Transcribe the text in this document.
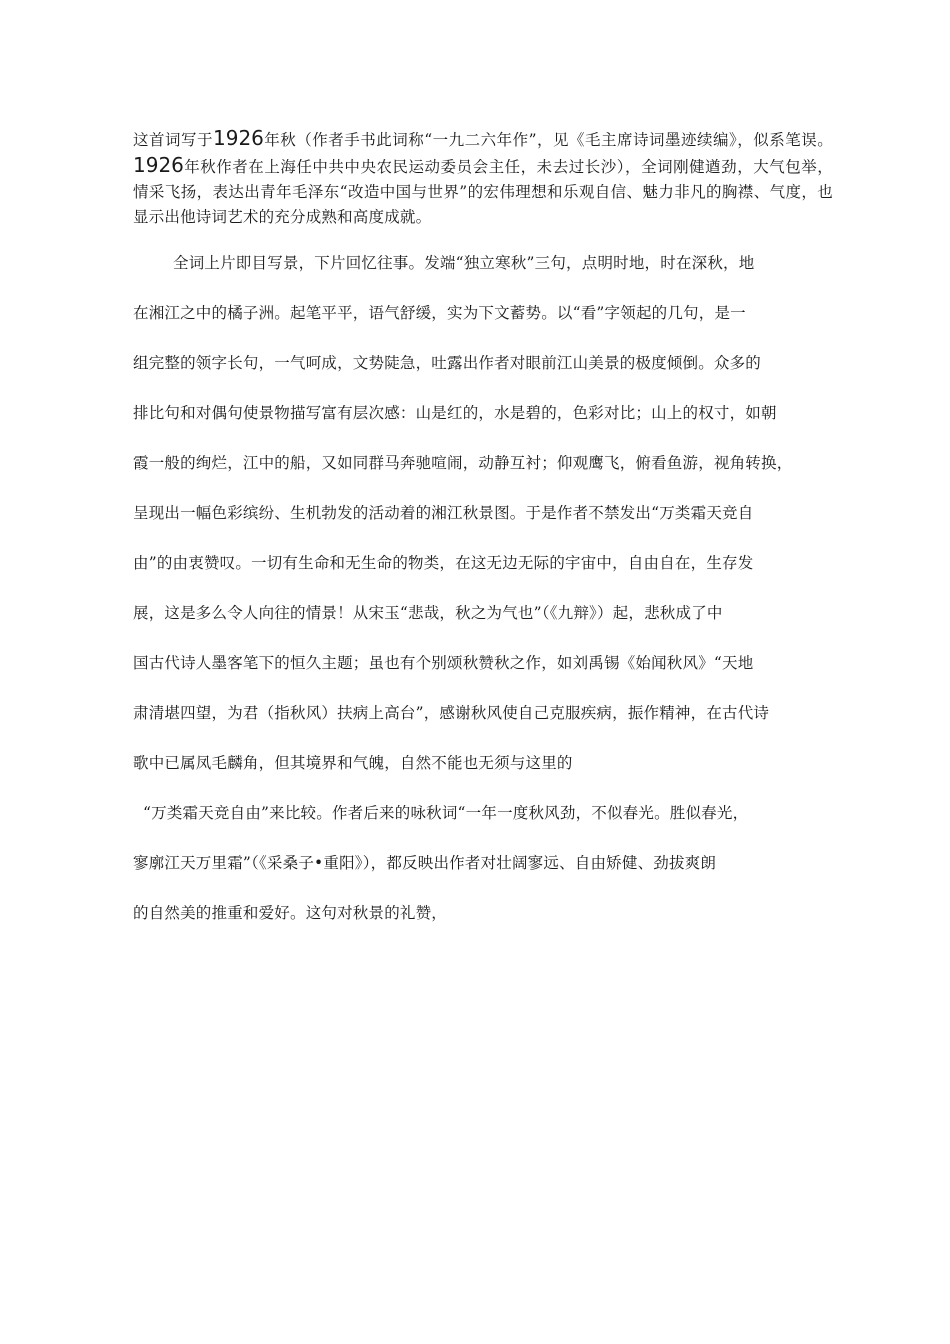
这首词写于1926年秋（作者手书此词称“一九二六年作”，见《毛主席诗词墨迹续编》，似系笔误。1926年秋作者在上海任中共中央农民运动委员会主任，未去过长沙），全词刚健遒劲，大气包举，情采飞扬，表达出青年毛泽东“改造中国与世界”的宏伟理想和乐观自信、魅力非凡的胸襟、气度，也显示出他诗词艺术的充分成熟和高度成就。

全词上片即目写景，下片回忆往事。发端“独立寒秋”三句，点明时地，时在深秋，地
在湘江之中的橘子洲。起笔平平，语气舒缓，实为下文蓄势。以“看”字领起的几句，是一
组完整的领字长句，一气呵成，文势陡急，吐露出作者对眼前江山美景的极度倾倒。众多的
排比句和对偶句使景物描写富有层次感：山是红的，水是碧的，色彩对比；山上的权寸，如朝
霞一般的绚烂，江中的船，又如同群马奔驰喧闹，动静互衬；仰观鹰飞，俯看鱼游，视角转换，
呈现出一幅色彩缤纷、生机勃发的活动着的湘江秋景图。于是作者不禁发出“万类霜天竞自
由”的由衷赞叹。一切有生命和无生命的物类，在这无边无际的宇宙中，自由自在，生存发
展，这是多么令人向往的情景！从宋玉“悲哉，秋之为气也”（《九辩》）起，悲秋成了中
国古代诗人墨客笔下的恒久主题；虽也有个别颂秋赞秋之作，如刘禹锡《始闻秋风》“天地
肃清堪四望，为君（指秋风）扶病上高台”，感谢秋风使自己克服疾病，振作精神，在古代诗
歌中已属凤毛麟角，但其境界和气魄，自然不能也无须与这里的
“万类霜天竞自由”来比较。作者后来的咏秋词“一年一度秋风劲，不似春光。胜似春光，
寥廓江天万里霜”（《采桑子•重阳》），都反映出作者对壮阔寥远、自由矫健、劲拔爽朗
的自然美的推重和爱好。这句对秋景的礼赞，
